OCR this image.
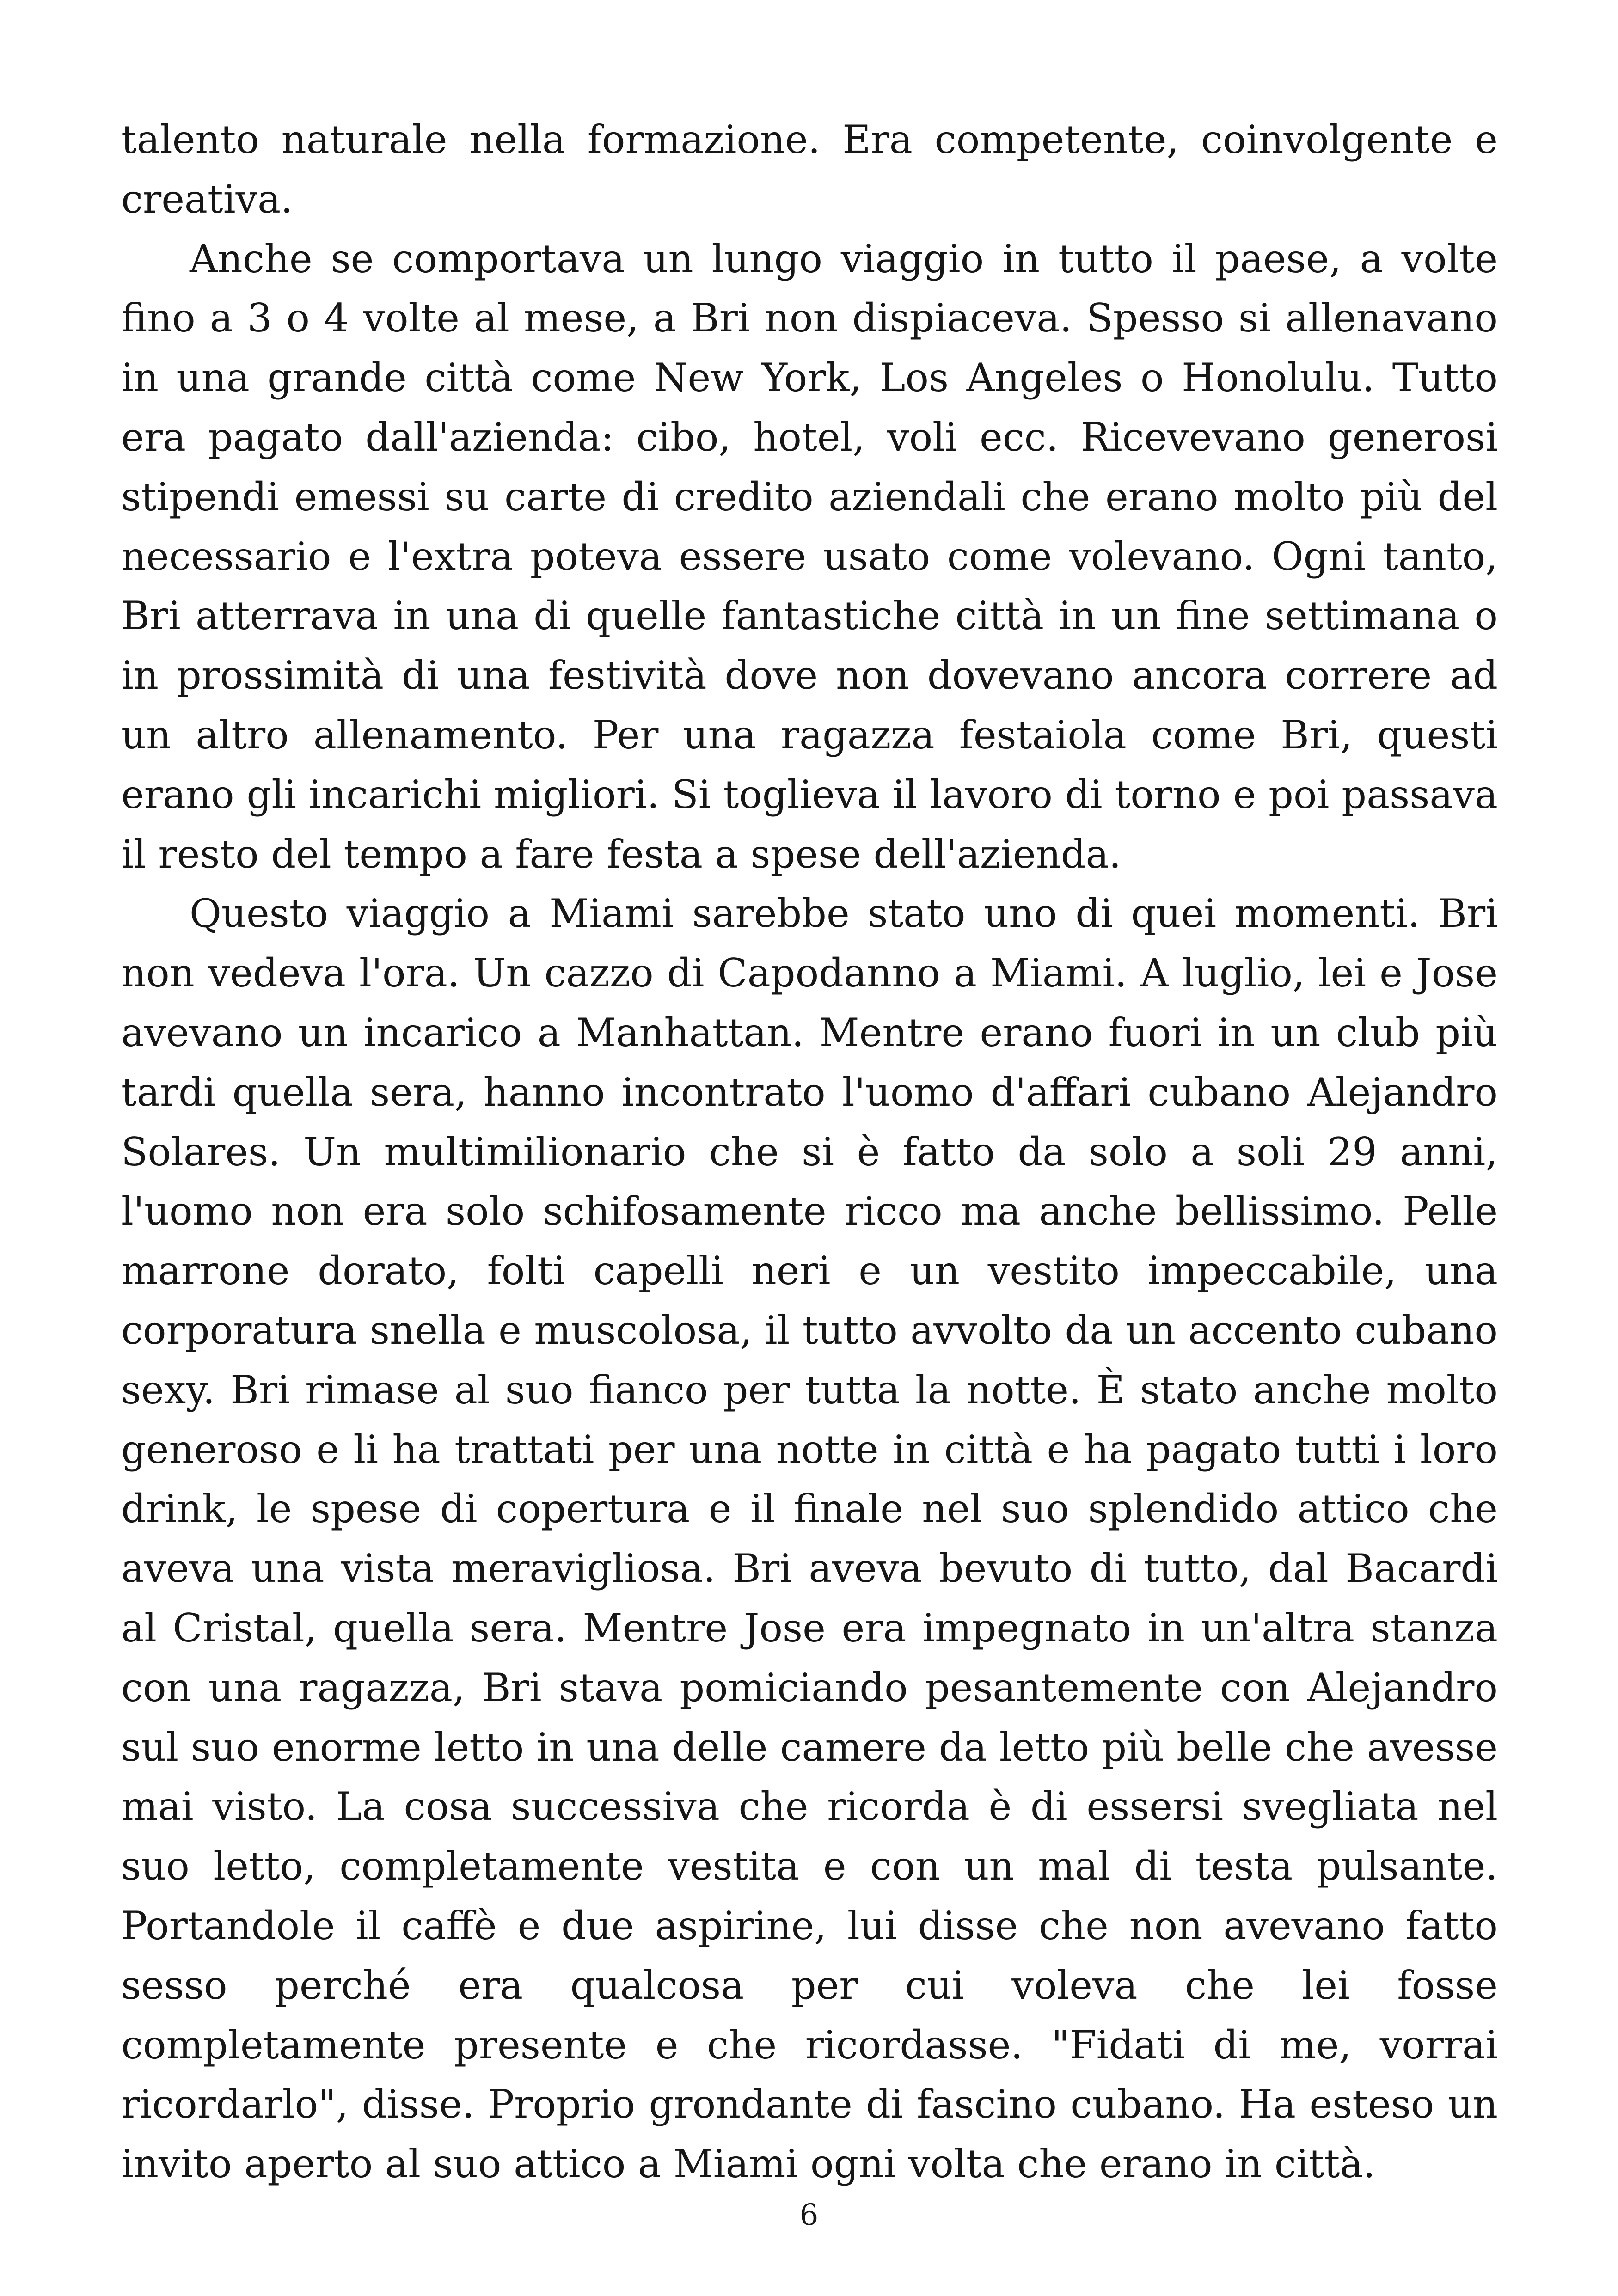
talento naturale nella formazione. Era competente, coinvolgente e creativa.

Anche se comportava un lungo viaggio in tutto il paese, a volte fino a 3 o 4 volte al mese, a Bri non dispiaceva. Spesso si allenavano in una grande città come New York, Los Angeles o Honolulu. Tutto era pagato dall'azienda: cibo, hotel, voli ecc. Ricevevano generosi stipendi emessi su carte di credito aziendali che erano molto più del necessario e l'extra poteva essere usato come volevano. Ogni tanto, Bri atterrava in una di quelle fantastiche città in un fine settimana o in prossimità di una festività dove non dovevano ancora correre ad un altro allenamento. Per una ragazza festaiola come Bri, questi erano gli incarichi migliori. Si toglieva il lavoro di torno e poi passava il resto del tempo a fare festa a spese dell'azienda.

Questo viaggio a Miami sarebbe stato uno di quei momenti. Bri non vedeva l'ora. Un cazzo di Capodanno a Miami. A luglio, lei e Jose avevano un incarico a Manhattan. Mentre erano fuori in un club più tardi quella sera, hanno incontrato l'uomo d'affari cubano Alejandro Solares. Un multimilionario che si è fatto da solo a soli 29 anni, l'uomo non era solo schifosamente ricco ma anche bellissimo. Pelle marrone dorato, folti capelli neri e un vestito impeccabile, una corporatura snella e muscolosa, il tutto avvolto da un accento cubano sexy. Bri rimase al suo fianco per tutta la notte. È stato anche molto generoso e li ha trattati per una notte in città e ha pagato tutti i loro drink, le spese di copertura e il finale nel suo splendido attico che aveva una vista meravigliosa. Bri aveva bevuto di tutto, dal Bacardi al Cristal, quella sera. Mentre Jose era impegnato in un'altra stanza con una ragazza, Bri stava pomiciando pesantemente con Alejandro sul suo enorme letto in una delle camere da letto più belle che avesse mai visto. La cosa successiva che ricorda è di essersi svegliata nel suo letto, completamente vestita e con un mal di testa pulsante. Portandole il caffè e due aspirine, lui disse che non avevano fatto sesso perché era qualcosa per cui voleva che lei fosse completamente presente e che ricordasse. "Fidati di me, vorrai ricordarlo", disse. Proprio grondante di fascino cubano. Ha esteso un invito aperto al suo attico a Miami ogni volta che erano in città.

6
